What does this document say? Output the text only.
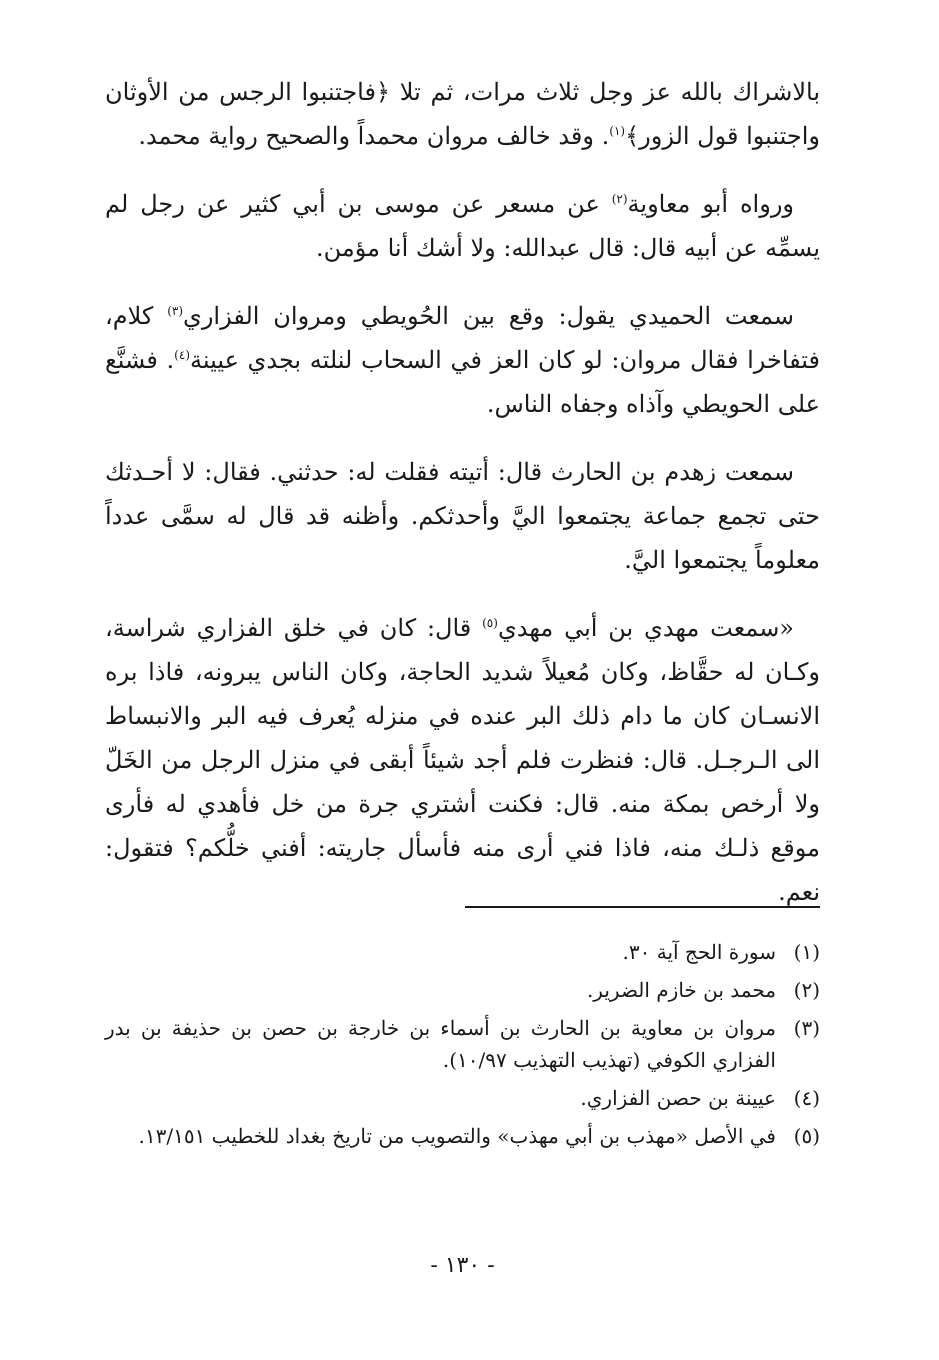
بالاشراك بالله عز وجل ثلاث مرات، ثم تلا ﴿فاجتنبوا الرجس من الأوثان واجتنبوا قول الزور﴾$^{(١)}$. وقد خالف مروان محمداً والصحيح رواية محمد.

ورواه أبو معاوية$^{(٢)}$ عن مسعر عن موسى بن أبي كثير عن رجل لم يسمِّه عن أبيه قال: قال عبدالله: ولا أشك أنا مؤمن.

سمعت الحميدي يقول: وقع بين الحُويطي ومروان الفزاري$^{(٣)}$ كلام، فتفاخرا فقال مروان: لو كان العز في السحاب لنلته بجدي عيينة$^{(٤)}$. فشنَّع على الحويطي وآذاه وجفاه الناس.

سمعت زهدم بن الحارث قال: أتيته فقلت له: حدثني. فقال: لا أحـدثك حتى تجمع جماعة يجتمعوا اليَّ وأحدثكم. وأظنه قد قال له سمَّى عدداً معلوماً يجتمعوا اليَّ.

«سمعت مهدي بن أبي مهدي$^{(٥)}$ قال: كان في خلق الفزاري شراسة، وكـان له حقَّاظ، وكان مُعيلاً شديد الحاجة، وكان الناس يبرونه، فاذا بره الانسـان كان ما دام ذلك البر عنده في منزله يُعرف فيه البر والانبساط الى الـرجـل. قال: فنظرت فلم أجد شيئاً أبقى في منزل الرجل من الخَلّ ولا أرخص بمكة منه. قال: فكنت أشتري جرة من خل فأهدي له فأرى موقع ذلـك منه، فاذا فني أرى منه فأسأل جاريته: أفني خلُّكم؟ فتقول: نعم.

(١)
سورة الحج آية ٣٠.
(٢)
محمد بن خازم الضرير.
(٣)
مروان بن معاوية بن الحارث بن أسماء بن خارجة بن حصن بن حذيفة بن بدر الفزاري الكوفي (تهذيب التهذيب ١٠/٩٧).
(٤)
عيينة بن حصن الفزاري.
(٥)
في الأصل «مهذب بن أبي مهذب» والتصويب من تاريخ بغداد للخطيب ١٣/١٥١.
- ١٣٠ -
